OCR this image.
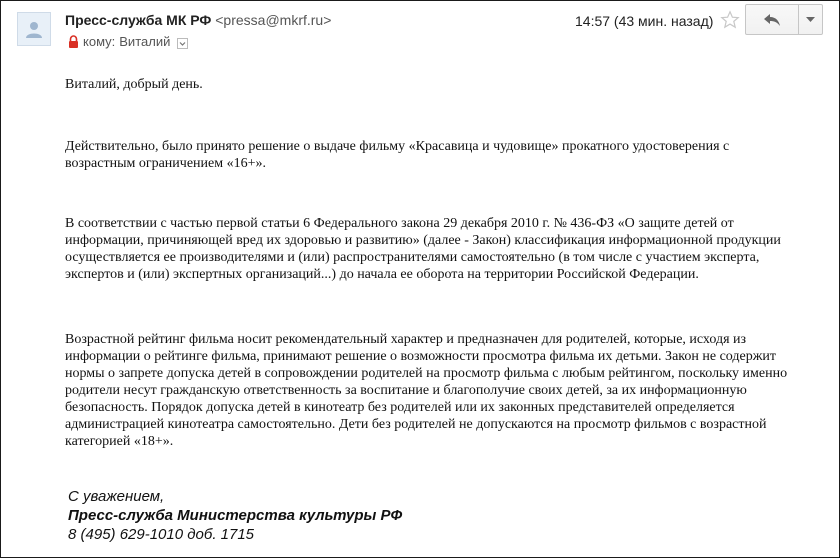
Пресс-служба МК РФ <pressa@mkrf.ru>
кому: Виталий
14:57 (43 мин. назад)

Виталий, добрый день.

Действительно, было принято решение о выдаче фильму «Красавица и чудовище» прокатного удостоверения с возрастным ограничением «16+».

В соответствии с частью первой статьи 6 Федерального закона 29 декабря 2010 г. № 436-ФЗ «О защите детей от информации, причиняющей вред их здоровью и развитию» (далее - Закон) классификация информационной продукции осуществляется ее производителями и (или) распространителями самостоятельно (в том числе с участием эксперта, экспертов и (или) экспертных организаций...) до начала ее оборота на территории Российской Федерации.

Возрастной рейтинг фильма носит рекомендательный характер и предназначен для родителей, которые, исходя из информации о рейтинге фильма, принимают решение о возможности просмотра фильма их детьми. Закон не содержит нормы о запрете допуска детей в сопровождении родителей на просмотр фильма с любым рейтингом, поскольку именно родители несут гражданскую ответственность за воспитание и благополучие своих детей, за их информационную безопасность. Порядок допуска детей в кинотеатр без родителей или их законных представителей определяется администрацией кинотеатра самостоятельно. Дети без родителей не допускаются на просмотр фильмов с возрастной категорией «18+».

С уважением,
Пресс-служба Министерства культуры РФ
8 (495) 629-1010 доб. 1715
